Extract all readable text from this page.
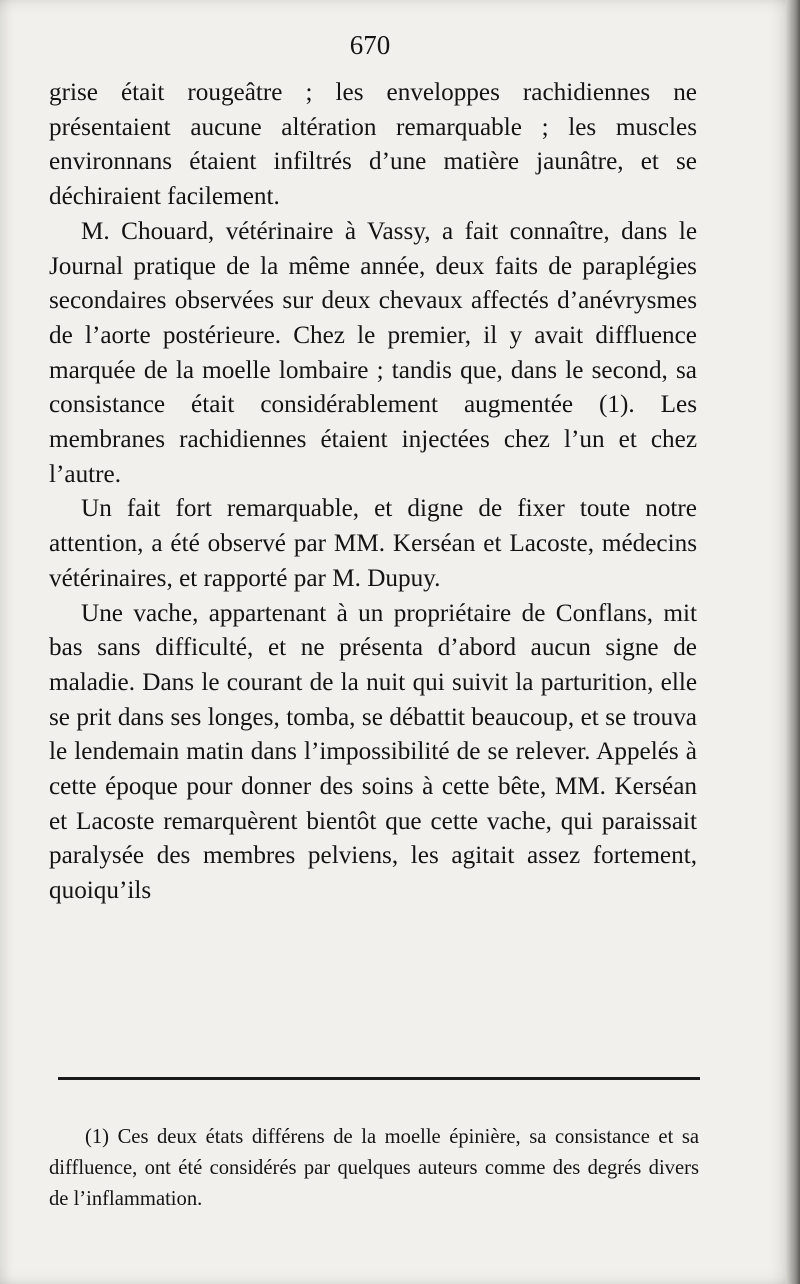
670

grise était rougeâtre ; les enveloppes rachidiennes ne présentaient aucune altération remarquable ; les muscles environnans étaient infiltrés d’une matière jaunâtre, et se déchiraient facilement.

M. Chouard, vétérinaire à Vassy, a fait connaître, dans le Journal pratique de la même année, deux faits de paraplégies secondaires observées sur deux chevaux affectés d’anévrysmes de l’aorte postérieure. Chez le premier, il y avait diffluence marquée de la moelle lombaire ; tandis que, dans le second, sa consistance était considérablement augmentée (1). Les membranes rachidiennes étaient injectées chez l’un et chez l’autre.

Un fait fort remarquable, et digne de fixer toute notre attention, a été observé par MM. Kerséan et Lacoste, médecins vétérinaires, et rapporté par M. Dupuy.

Une vache, appartenant à un propriétaire de Conflans, mit bas sans difficulté, et ne présenta d’abord aucun signe de maladie. Dans le courant de la nuit qui suivit la parturition, elle se prit dans ses longes, tomba, se débattit beaucoup, et se trouva le lendemain matin dans l’impossibilité de se relever. Appelés à cette époque pour donner des soins à cette bête, MM. Kerséan et Lacoste remarquèrent bientôt que cette vache, qui paraissait paralysée des membres pelviens, les agitait assez fortement, quoiqu’ils

(1) Ces deux états différens de la moelle épinière, sa consistance et sa diffluence, ont été considérés par quelques auteurs comme des degrés divers de l’inflammation.
